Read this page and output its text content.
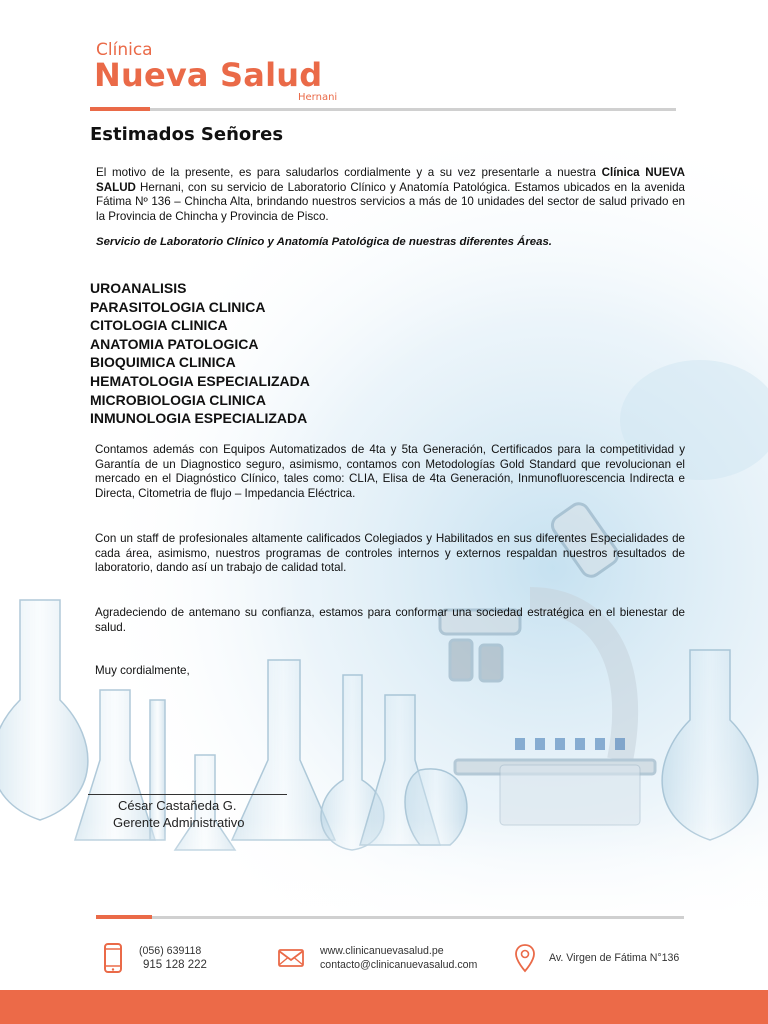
Clínica
Nueva Salud
Hernani
Estimados Señores
El motivo de la presente, es para saludarlos cordialmente y a su vez presentarle a nuestra Clínica NUEVA SALUD Hernani, con su servicio de Laboratorio Clínico y Anatomía Patológica. Estamos ubicados en la avenida Fátima Nº 136 – Chincha Alta, brindando nuestros servicios a más de 10 unidades del sector de salud privado en la Provincia de Chincha y Provincia de Pisco.
Servicio de Laboratorio Clínico y Anatomía Patológica de nuestras diferentes Áreas.
UROANALISIS
PARASITOLOGIA CLINICA
CITOLOGIA CLINICA
ANATOMIA PATOLOGICA
BIOQUIMICA CLINICA
HEMATOLOGIA ESPECIALIZADA
MICROBIOLOGIA CLINICA
INMUNOLOGIA ESPECIALIZADA
Contamos además con Equipos Automatizados de 4ta y 5ta Generación, Certificados para la competitividad y Garantía de un Diagnostico seguro, asimismo, contamos con Metodologías Gold Standard que revolucionan el mercado en el Diagnóstico Clínico, tales como: CLIA, Elisa de 4ta Generación, Inmunofluorescencia Indirecta e Directa, Citometria de flujo – Impedancia Eléctrica.
Con un staff de profesionales altamente calificados Colegiados y Habilitados en sus diferentes Especialidades de cada área, asimismo, nuestros programas de controles internos y externos respaldan nuestros resultados de laboratorio, dando así un trabajo de calidad total.
Agradeciendo de antemano su confianza, estamos para conformar una sociedad estratégica en el bienestar de salud.
Muy cordialmente,
César Castañeda G.
Gerente Administrativo
(056) 639118
915 128 222
www.clinicanuevasalud.pe
contacto@clinicanuevasalud.com
Av. Virgen de Fátima N°136
